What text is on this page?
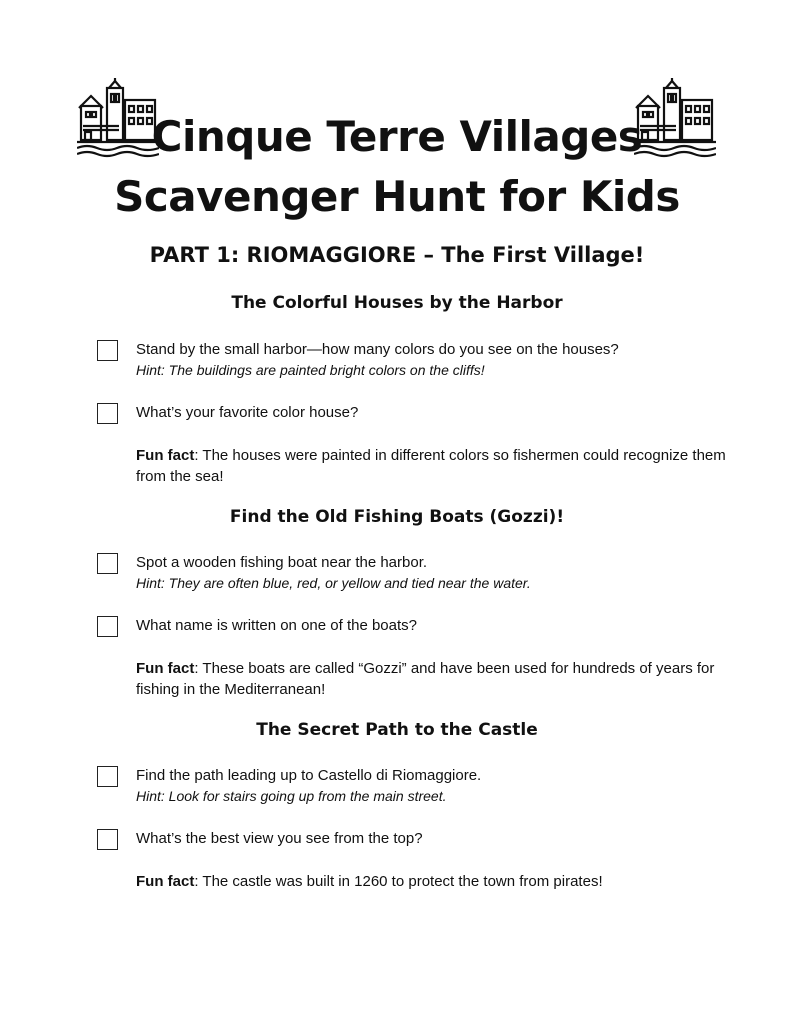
Cinque Terre Villages
Scavenger Hunt for Kids
PART 1: RIOMAGGIORE – The First Village!
The Colorful Houses by the Harbor
Stand by the small harbor—how many colors do you see on the houses?
Hint: The buildings are painted bright colors on the cliffs!
What’s your favorite color house?
Fun fact: The houses were painted in different colors so fishermen could recognize them from the sea!
Find the Old Fishing Boats (Gozzi)!
Spot a wooden fishing boat near the harbor.
Hint: They are often blue, red, or yellow and tied near the water.
What name is written on one of the boats?
Fun fact: These boats are called “Gozzi” and have been used for hundreds of years for fishing in the Mediterranean!
The Secret Path to the Castle
Find the path leading up to Castello di Riomaggiore.
Hint: Look for stairs going up from the main street.
What’s the best view you see from the top?
Fun fact: The castle was built in 1260 to protect the town from pirates!
